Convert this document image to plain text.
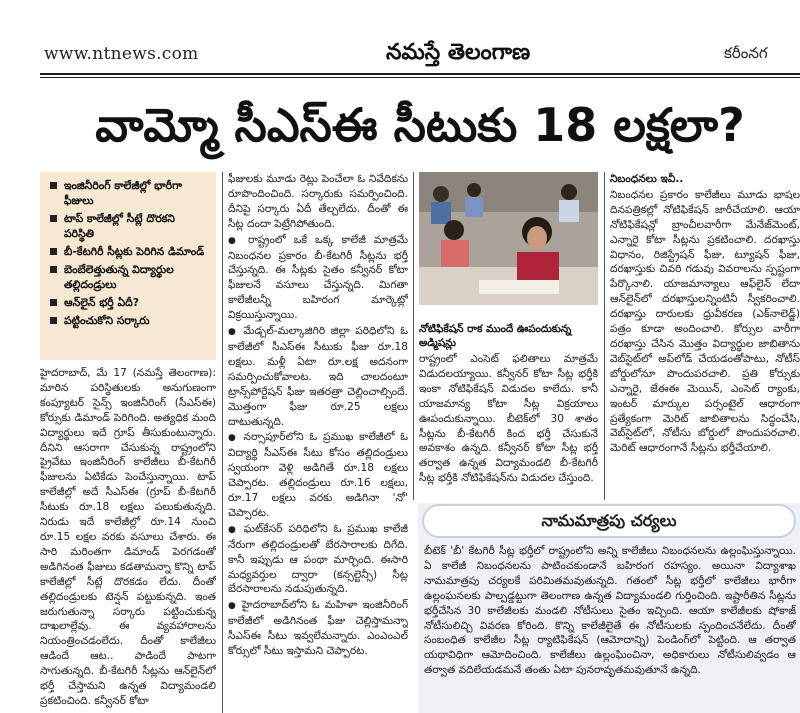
www.ntnews.com	నమస్తే తెలంగాణ	కరీంనగ
వామ్మో సీఎస్ఈ సీటుకు 18 లక్షలా?
ఇంజినీరింగ్ కాలేజీల్లో భారీగా ఫీజులు
టాప్ కాలేజీల్లో సీట్లే దొరకని పరిస్థితి
బీ-కేటగిరీ సీట్లకు పెరిగిన డిమాండ్
బెంబేలెత్తుతున్న విద్యార్థుల తల్లిదండ్రులు
ఆన్‌లైన్ భర్తీ ఏదీ?
పట్టించుకోని సర్కారు

హైదరాబాద్, మే 17 (నమస్తే తెలంగాణ): మారిన పరిస్థితులకు అనుగుణంగా కంప్యూటర్ సైన్స్ ఇంజినీరింగ్ (సీఎస్ఈ) కోర్సుకు డిమాండ్ పెరిగింది. అత్యధిక మంది విద్యార్థులు ఇదే గ్రూప్ తీసుకుంటున్నారు. దీనిని ఆసరాగా చేసుకున్న రాష్ట్రంలోని ప్రైవేటు ఇంజినీరింగ్ కాలేజీలు బీ-కేటగిరీ ఫీజులను ఏటికేడు పెంచేస్తున్నాయి. టాప్ కాలేజీల్లో అదే సీఎస్ఈ (గ్రూప్ బీ-కేటగిరీ సీటుకు రూ.18 లక్షలు పలుకుతున్నది. నిరుడు ఇదే కాలేజీల్లో రూ.14 నుంచి రూ.15 లక్షల వరకు వసూలు చేశారు. ఈ సారి మరింతగా డిమాండ్ పెరగడంతో అడిగినంత ఫీజులు కడతామన్నా కొన్ని టాప్ కాలేజీల్లో సీట్లే దొరకడం లేదు. దీంతో తల్లిదండ్రులకు టెన్షన్ పట్టుకున్నది. ఇంత జరుగుతున్నా సర్కారు పట్టించుకున్న దాఖలాల్లేవు. ఈ వ్యవహారాలను నియంత్రించడంలేదు. దీంతో కాలేజీలు ఆడిందే ఆట.. పాడిందే పాటగా సాగుతున్నది. బీ-కేటగిరీ సీట్లను ఆన్‌లైన్‌లో భర్తీ చేస్తామని ఉన్నత విద్యామండలి ప్రకటించింది. కన్వీనర్ కోటా

ఫీజులకు మూడు రెట్లు పెంచేలా ఓ నివేదికను రూపొందించింది. సర్కారుకు సమర్పించింది. దీనిపై సర్కారు ఏదీ తేల్చలేదు. దీంతో ఈ సీట్ల దందా పెట్రేగిపోతుంది.

● రాష్ట్రంలో ఒకే ఒక్క కాలేజీ మాత్రమే నిబంధనల ప్రకారం బీ-కేటగిరీ సీట్లను భర్తీ చేస్తున్నది. ఈ సీట్లకు సైతం కన్వీనర్ కోటా ఫీజులనే వసూలు చేస్తున్నది. మిగతా కాలేజీలన్నీ బహిరంగ మార్కెట్లో విక్రయిస్తున్నాయి.

● మేడ్చల్-మల్కాజిగిరి జిల్లా పరిధిలోని ఓ కాలేజీలో సీఎస్ఈ సీటుకు ఫీజు రూ.18 లక్షలు. మళ్లీ ఏటా రూ.లక్ష అదనంగా సమర్పించుకోవాలట. ఇది చాలదంటూ ట్రాన్స్‌పోర్టేషన్ ఫీజు ఇతరత్రా చెల్లించాల్సిందే. మొత్తంగా ఫీజు రూ.25 లక్షలు దాటుతున్నది.

● నర్సాపూర్‌లోని ఓ ప్రముఖ కాలేజీలో ఓ విద్యార్థి సీఎస్ఈ సీటు కోసం తల్లిదండ్రులు స్వయంగా వెళ్లి అడిగితే రూ.18 లక్షలు చెప్పారట. తల్లిదండ్రులు రూ.16 లక్షలు, రూ.17 లక్షలు వరకు అడిగినా 'నో' చెప్పారట.

● ఘట్‌కేసర్ పరిధిలోని ఓ ప్రముఖ కాలేజీ నేరుగా తల్లిదండ్రులతో బేరసారాలకు దిగేది. కానీ ఇప్పుడు ఆ పంథా మార్చింది. ఈసారి మధ్యవర్తుల ద్వారా (కన్సల్టెన్సీ) సీట్ల బేరసారాలను నడుపుతున్నది.

● హైదరాబాద్‌లోని ఓ మహిళా ఇంజినీరింగ్ కాలేజీలో అడిగినంత ఫీజు చెల్లిస్తామన్నా సీఎస్ఈ సీటు ఇవ్వలేమన్నారు. ఎంఎంఎల్ కోర్సులో సీటు ఇస్తామని చెప్పారట.

నోటిఫికేషన్ రాక ముందే ఊపందుకున్న అడ్మిషన్లు

రాష్ట్రంలో ఎంసెట్ ఫలితాలు మాత్రమే విడుదలయ్యాయి. కన్వీనర్ కోటా సీట్ల భర్తీకి ఇంకా నోటిఫికేషన్ విడుదల కాలేదు. కానీ యాజమాన్య కోటా సీట్ల విక్రయాలు ఊపందుకున్నాయి. బీటెక్‌లో 30 శాతం సీట్లను బీ-కేటగిరీ కింద భర్తీ చేసుకునే అవకాశం ఉన్నది. కన్వీనర్ కోటా సీట్ల భర్తీ తర్వాత ఉన్నత విద్యామండలి బీ-కేటగిరీ సీట్ల భర్తీకి నోటిఫికేషన్‌ను విడుదల చేస్తుంది.

నిబంధనలు ఇవీ..

నిబంధనల ప్రకారం కాలేజీలు మూడు భాషల దినపత్రికల్లో నోటిఫికేషన్ జారీచేయాలి. ఆయా నోటిఫికేషన్లో బ్రాంచీలవారీగా మేనేజ్‌మెంట్, ఎన్నారై కోటా సీట్లను ప్రకటించాలి. దరఖాస్తు విధానం, రిజిస్ట్రేషన్ ఫీజు, ట్యూషన్ ఫీజు, దరఖాస్తుకు చివరి గడువు వివరాలను స్పష్టంగా పేర్కొనాలి. యాజమాన్యాలు ఆఫ్‌లైన్ లేదా ఆన్‌లైన్‌లో దరఖాస్తులన్నింటినీ స్వీకరించాలి. దరఖాస్తు దారులకు ధ్రువీకరణ (ఎక్‌నాలెడ్జ్) పత్రం కూడా అందించాలి. కోర్సుల వారీగా దరఖాస్తు చేసిన మొత్తం విద్యార్థుల జాబితాను వెబ్‌సైట్‌లో అప్‌లోడ్ చేయడంతోపాటు, నోటీస్ బోర్డులోనూ పొందుపరచాలి. ప్రతి కోర్సుకు ఎన్నారై, జేఈఈ మెయిన్, ఎంసెట్ ర్యాంకు, ఇంటర్ మార్కుల పర్సంటైల్ ఆధారంగా ప్రత్యేకంగా మెరిట్ జాబితాలను సిద్ధంచేసి, వెబ్‌సైట్‌లో, నోటీసు బోర్డులో పొందుపరచాలి. మెరిట్ ఆధారంగానే సీట్లను భర్తీచేయాలి.

నామమాత్రపు చర్యలు

బీటెక్ 'బీ' కేటగిరీ సీట్ల భర్తీలో రాష్ట్రంలోని అన్ని కాలేజీలు నిబంధనలను ఉల్లంఘిస్తున్నాయి. ఏ కాలేజీ నిబంధనలను పాటించకుండానే బహిరంగ రహస్యం. అయినా విద్యాశాఖ నామమాత్రపు చర్యలకే పరిమితమవుతున్నది. గతంలో సీట్ల భర్తీలో కాలేజీలు భారీగా ఉల్లంఘనలకు పాల్పడ్డట్టుగా తెలంగాణ ఉన్నత విద్యామండలి గుర్తించింది. ఇష్టారీతిన సీట్లను భర్తీచేసిన 30 కాలేజీలకు మండలి నోటీసులు సైతం ఇచ్చింది. ఆయా కాలేజీలకు షోకాజ్ నోటీసులిచ్చి వివరణ కోరింది. కొన్ని కాలేజీలైతే ఈ నోటీసులకు స్పందించనేలేదు. దీంతో సంబంధిత కాలేజీల సీట్ల ర్యాటిఫికేషన్ (ఆమోదాన్ని) పెండింగ్‌లో పెట్టింది. ఆ తర్వాత యథావిధిగా ఆమోదించింది. కాలేజీలు ఉల్లంఘించినా, అధికారులు నోటీసులివ్వడం ఆ తర్వాత వదిలేయడమనే తంతు ఏటా పునరావృతమవుతూనే ఉన్నది.
